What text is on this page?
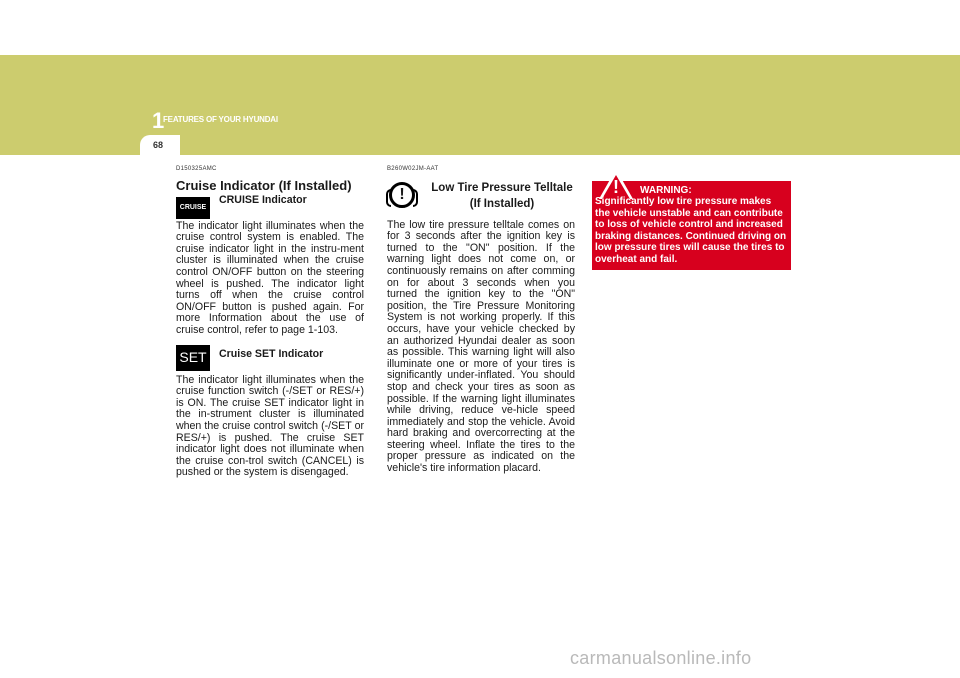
1
FEATURES OF YOUR HYUNDAI
68

D150325AMC

Cruise Indicator (If Installed)

CRUISE
CRUISE Indicator

The indicator light illuminates when the cruise control system is enabled. The cruise indicator light in the instru-ment cluster is illuminated when the cruise control ON/OFF button on the steering wheel is pushed. The indicator light turns off when the cruise control ON/OFF button is pushed again. For more Information about the use of cruise control, refer to page 1-103.

SET	Cruise SET Indicator

The indicator light illuminates when the cruise function switch (-/SET or RES/+) is ON. The cruise SET indicator light in the in-strument cluster is illuminated when the cruise control switch (-/SET or RES/+) is pushed. The cruise SET indicator light does not illuminate when the cruise con-trol switch (CANCEL) is pushed or the system is disengaged.

B260W02JM-AAT

!	Low Tire Pressure Telltale (If Installed)

The low tire pressure telltale comes on for 3 seconds after the ignition key is turned to the "ON" position. If the warning light does not come on, or continuously remains on after comming on for about 3 seconds when you turned the ignition key to the "ON" position, the Tire Pressure Monitoring System is not working properly. If this occurs, have your vehicle checked by an authorized Hyundai dealer as soon as possible. This warning light will also illuminate one or more of your tires is significantly under-inflated. You should stop and check your tires as soon as possible. If the warning light illuminates while driving, reduce ve-hicle speed immediately and stop the vehicle. Avoid hard braking and overcorrecting at the steering wheel. Inflate the tires to the proper pressure as indicated on the vehicle's tire information placard.

!	WARNING:
Significantly low tire pressure makes the vehicle unstable and can contribute to loss of vehicle control and increased braking distances. Continued driving on low pressure tires will cause the tires to overheat and fail.
carmanualsonline.info
